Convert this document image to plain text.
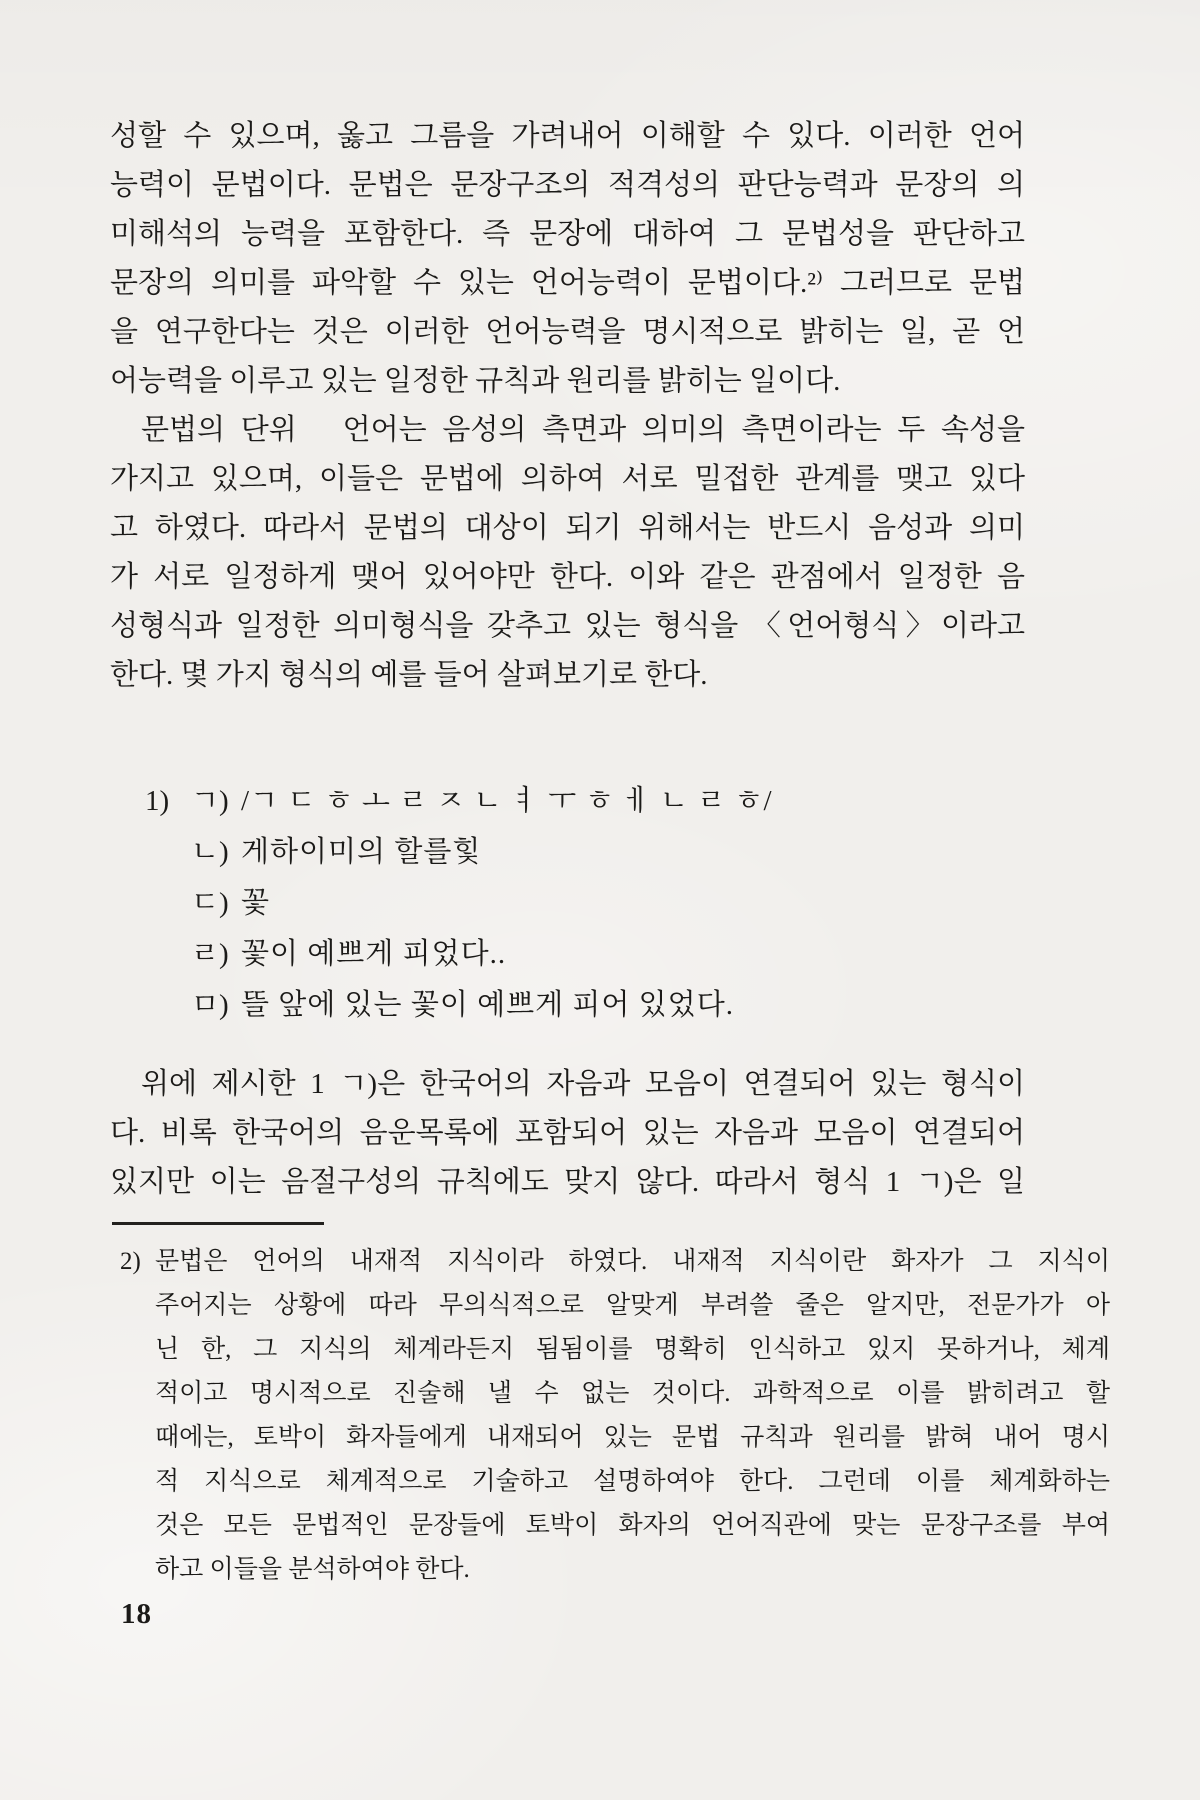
성할 수 있으며, 옳고 그름을 가려내어 이해할 수 있다. 이러한 언어
능력이 문법이다. 문법은 문장구조의 적격성의 판단능력과 문장의 의
미해석의 능력을 포함한다. 즉 문장에 대하여 그 문법성을 판단하고
문장의 의미를 파악할 수 있는 언어능력이 문법이다.²⁾ 그러므로 문법
을 연구한다는 것은 이러한 언어능력을 명시적으로 밝히는 일, 곧 언
어능력을 이루고 있는 일정한 규칙과 원리를 밝히는 일이다.
문법의 단위　언어는 음성의 측면과 의미의 측면이라는 두 속성을
가지고 있으며, 이들은 문법에 의하여 서로 밀접한 관계를 맺고 있다
고 하였다. 따라서 문법의 대상이 되기 위해서는 반드시 음성과 의미
가 서로 일정하게 맺어 있어야만 한다. 이와 같은 관점에서 일정한 음
성형식과 일정한 의미형식을 갖추고 있는 형식을 〈언어형식〉이라고
한다. 몇 가지 형식의 예를 들어 살펴보기로 한다.
1) ㄱ) /ㄱ ㄷ ㅎ ㅗ ㄹ ㅈ ㄴ ㅕ ㅜ ㅎ ㅔ ㄴ ㄹ ㅎ/
ㄴ) 게하이미의 할를힟
ㄷ) 꽃
ㄹ) 꽃이 예쁘게 피었다..
ㅁ) 뜰 앞에 있는 꽃이 예쁘게 피어 있었다.
위에 제시한 1 ㄱ)은 한국어의 자음과 모음이 연결되어 있는 형식이
다. 비록 한국어의 음운목록에 포함되어 있는 자음과 모음이 연결되어
있지만 이는 음절구성의 규칙에도 맞지 않다. 따라서 형식 1 ㄱ)은 일
2) 문법은 언어의 내재적 지식이라 하였다. 내재적 지식이란 화자가 그 지식이
주어지는 상황에 따라 무의식적으로 알맞게 부려쓸 줄은 알지만, 전문가가 아
닌 한, 그 지식의 체계라든지 됨됨이를 명확히 인식하고 있지 못하거나, 체계
적이고 명시적으로 진술해 낼 수 없는 것이다. 과학적으로 이를 밝히려고 할
때에는, 토박이 화자들에게 내재되어 있는 문법 규칙과 원리를 밝혀 내어 명시
적 지식으로 체계적으로 기술하고 설명하여야 한다. 그런데 이를 체계화하는
것은 모든 문법적인 문장들에 토박이 화자의 언어직관에 맞는 문장구조를 부여
하고 이들을 분석하여야 한다.
18
